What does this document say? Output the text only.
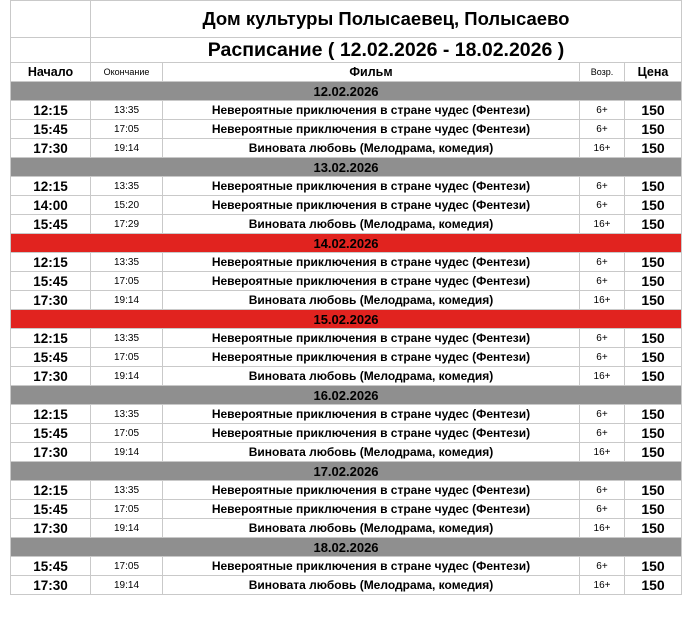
	Дом культуры Полысаевец, Полысаево			
	Расписание ( 12.02.2026 - 18.02.2026 )			
Начало	Окончание	Фильм	Возр.	Цена
12.02.2026				
12:15	13:35	Невероятные приключения в стране чудес (Фентези)	6+	150
15:45	17:05	Невероятные приключения в стране чудес (Фентези)	6+	150
17:30	19:14	Виновата любовь (Мелодрама, комедия)	16+	150
13.02.2026				
12:15	13:35	Невероятные приключения в стране чудес (Фентези)	6+	150
14:00	15:20	Невероятные приключения в стране чудес (Фентези)	6+	150
15:45	17:29	Виновата любовь (Мелодрама, комедия)	16+	150
14.02.2026				
12:15	13:35	Невероятные приключения в стране чудес (Фентези)	6+	150
15:45	17:05	Невероятные приключения в стране чудес (Фентези)	6+	150
17:30	19:14	Виновата любовь (Мелодрама, комедия)	16+	150
15.02.2026				
12:15	13:35	Невероятные приключения в стране чудес (Фентези)	6+	150
15:45	17:05	Невероятные приключения в стране чудес (Фентези)	6+	150
17:30	19:14	Виновата любовь (Мелодрама, комедия)	16+	150
16.02.2026				
12:15	13:35	Невероятные приключения в стране чудес (Фентези)	6+	150
15:45	17:05	Невероятные приключения в стране чудес (Фентези)	6+	150
17:30	19:14	Виновата любовь (Мелодрама, комедия)	16+	150
17.02.2026				
12:15	13:35	Невероятные приключения в стране чудес (Фентези)	6+	150
15:45	17:05	Невероятные приключения в стране чудес (Фентези)	6+	150
17:30	19:14	Виновата любовь (Мелодрама, комедия)	16+	150
18.02.2026				
15:45	17:05	Невероятные приключения в стране чудес (Фентези)	6+	150
17:30	19:14	Виновата любовь (Мелодрама, комедия)	16+	150
